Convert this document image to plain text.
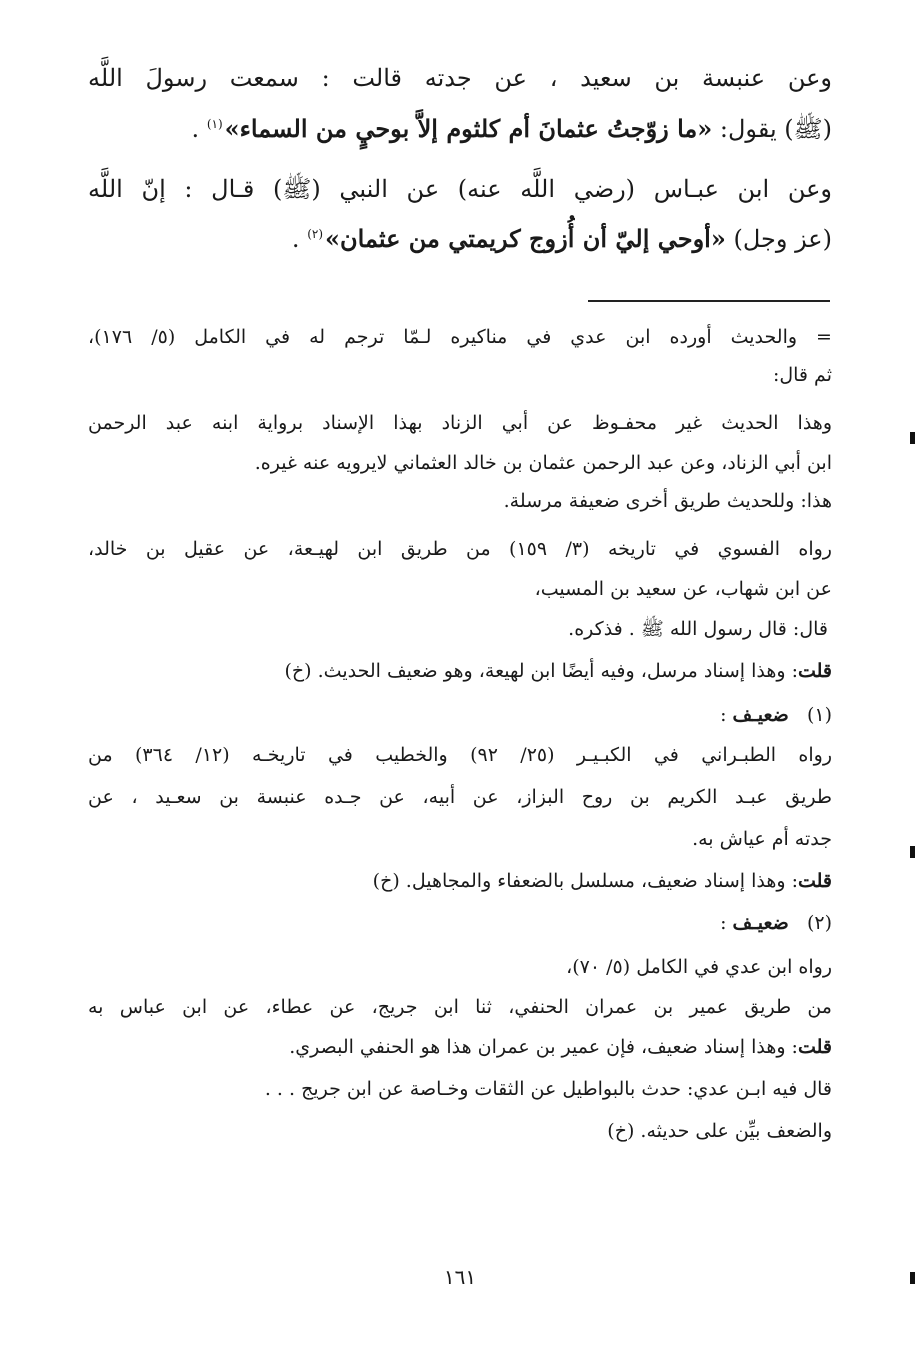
وعن عنبسة بن سعيد ، عن جدته قالت : سمعت رسولَ اللَّه
(ﷺ) يقول: «ما زوّجتُ عثمانَ أم كلثوم إلاَّ بوحيٍ من السماء»$^{(١)}$ .
وعن ابن عبـاس (رضي اللَّه عنه) عن النبي (ﷺ) قـال : إنّ اللَّه
(عز وجل) «أوحي إليّ أن أُزوج كريمتي من عثمان»$^{(٢)}$ .
= والحديث أورده ابن عدي في مناكيره لـمّا ترجم له في الكامل (٥/ ١٧٦)،
ثم قال:
وهذا الحديث غير محفـوظ عن أبي الزناد بهذا الإسناد برواية ابنه عبد الرحمن
ابن أبي الزناد، وعن عبد الرحمن عثمان بن خالد العثماني لايرويه عنه غيره.
هذا: وللحديث طريق أخرى ضعيفة مرسلة.
رواه الفسوي في تاريخه (٣/ ١٥٩) من طريق ابن لهيـعة، عن عقيل بن خالد،
عن ابن شهاب، عن سعيد بن المسيب،
قال: قال رسول الله ﷺ . فذكره.
قلت: وهذا إسناد مرسل، وفيه أيضًا ابن لهيعة، وهو ضعيف الحديث. (خ)
(١)   ضعيـف :
رواه الطبـراني في الكبـيـر (٢٥/ ٩٢) والخطيب في تاريخـه (١٢/ ٣٦٤) من
طريق عبـد الكريم بن روح البزاز، عن أبيه، عن جـده عنبسة بن سعـيد ، عن
جدته أم عياش به.
قلت: وهذا إسناد ضعيف، مسلسل بالضعفاء والمجاهيل. (خ)
(٢)   ضعيـف :
رواه ابن عدي في الكامل (٥/ ٧٠)،
من طريق عمير بن عمران الحنفي، ثنا ابن جريج، عن عطاء، عن ابن عباس به
قلت: وهذا إسناد ضعيف، فإن عمير بن عمران هذا هو الحنفي البصري.
قال فيه ابـن عدي: حدث بالبواطيل عن الثقات وخـاصة عن ابن جريج . . .
والضعف بيِّن على حديثه. (خ)
١٦١
